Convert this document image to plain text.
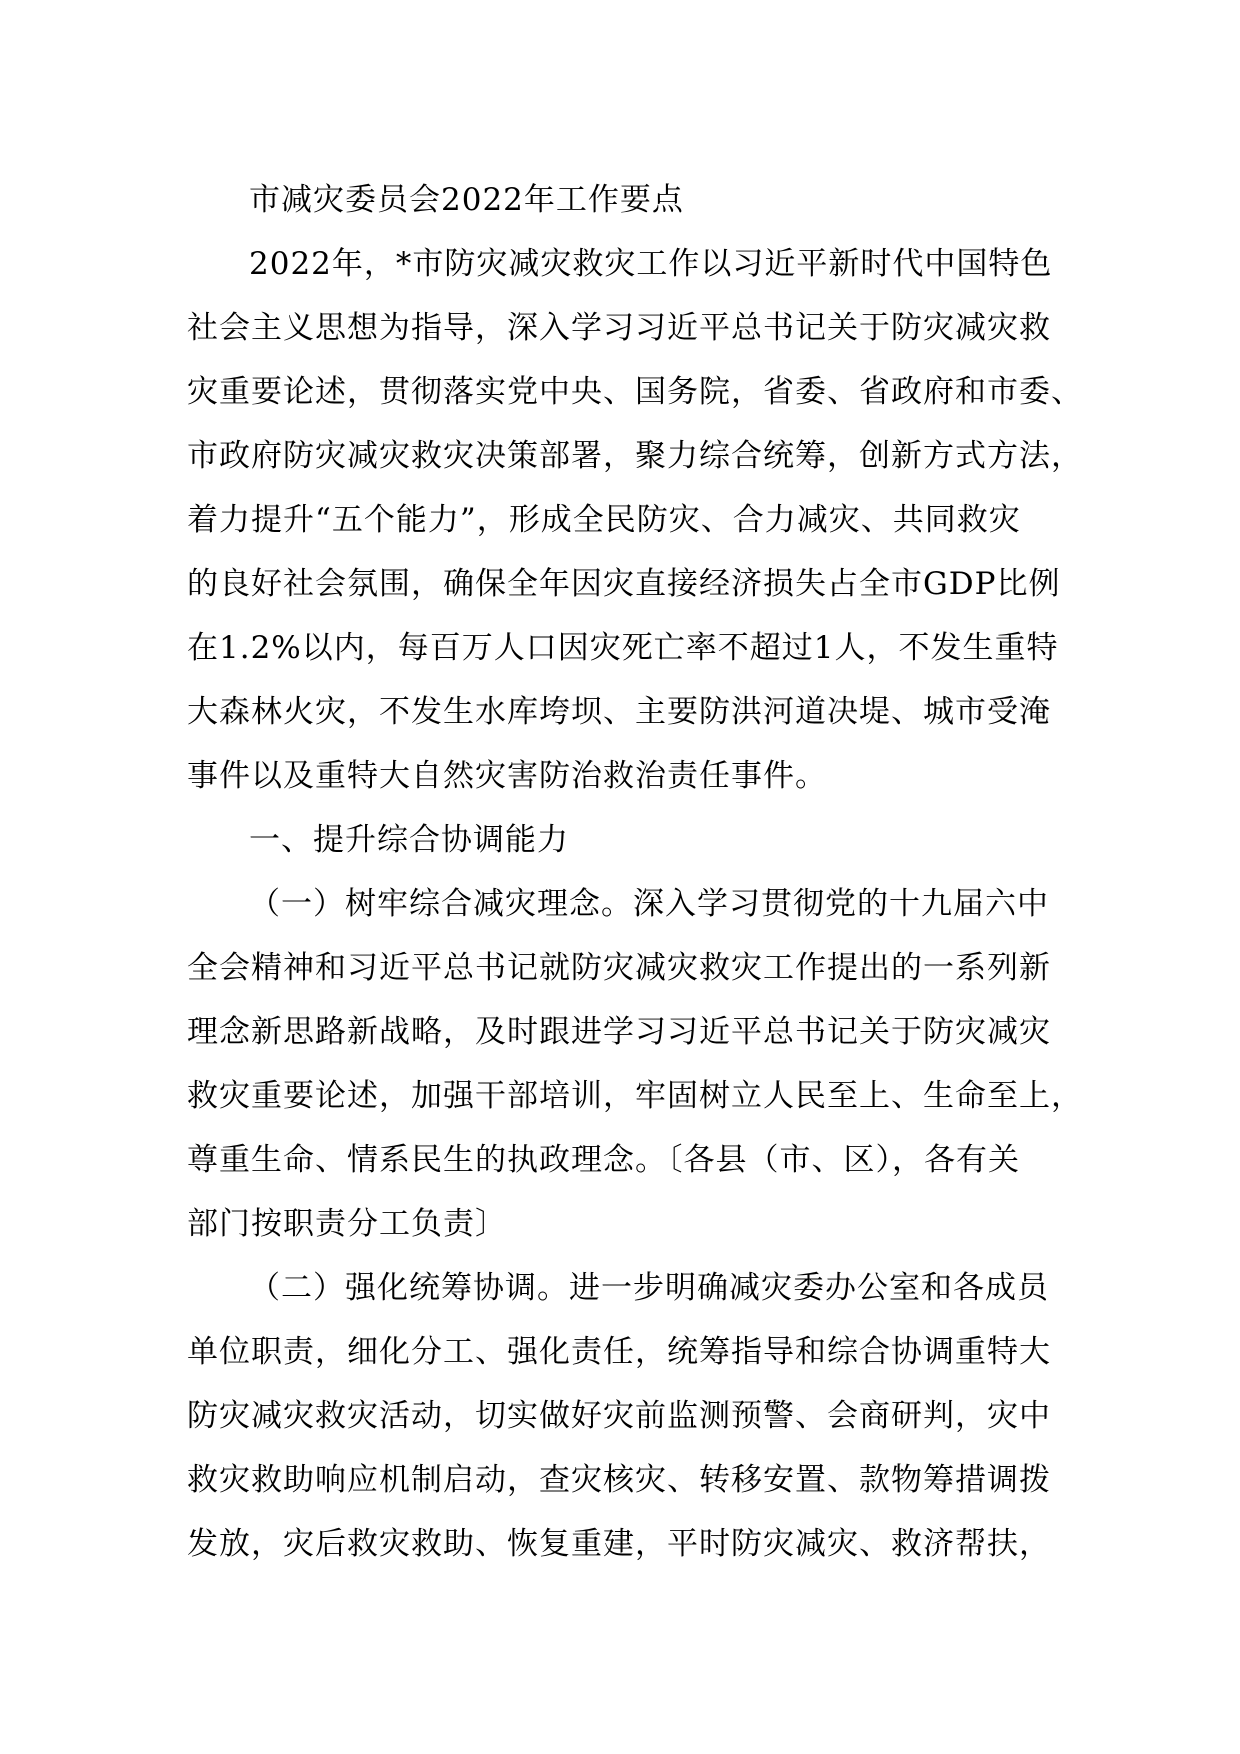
市减灾委员会2022年工作要点
2022年，*市防灾减灾救灾工作以习近平新时代中国特色
社会主义思想为指导，深入学习习近平总书记关于防灾减灾救
灾重要论述，贯彻落实党中央、国务院，省委、省政府和市委、
市政府防灾减灾救灾决策部署，聚力综合统筹，创新方式方法，
着力提升“五个能力”，形成全民防灾、合力减灾、共同救灾
的良好社会氛围，确保全年因灾直接经济损失占全市GDP比例
在1.2%以内，每百万人口因灾死亡率不超过1人，不发生重特
大森林火灾，不发生水库垮坝、主要防洪河道决堤、城市受淹
事件以及重特大自然灾害防治救治责任事件。
一、提升综合协调能力
（一）树牢综合减灾理念。深入学习贯彻党的十九届六中
全会精神和习近平总书记就防灾减灾救灾工作提出的一系列新
理念新思路新战略，及时跟进学习习近平总书记关于防灾减灾
救灾重要论述，加强干部培训，牢固树立人民至上、生命至上，
尊重生命、情系民生的执政理念。〔各县（市、区），各有关
部门按职责分工负责〕
（二）强化统筹协调。进一步明确减灾委办公室和各成员
单位职责，细化分工、强化责任，统筹指导和综合协调重特大
防灾减灾救灾活动，切实做好灾前监测预警、会商研判，灾中
救灾救助响应机制启动，查灾核灾、转移安置、款物筹措调拨
发放，灾后救灾救助、恢复重建，平时防灾减灾、救济帮扶，
